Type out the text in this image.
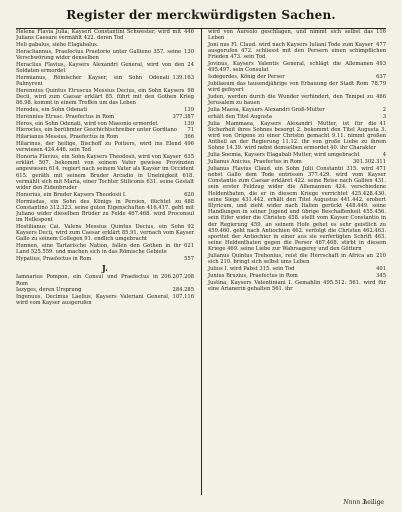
Register der merckwürdigsten Sachen.
446
Helena Flavia Julia, Kayserl Constantini Schwester, wird mit Julians Caesare vermählt 422. deren Tod
Heli gabalus, siehe Elagabalus.
130
Heracliannus, Praefectus Praetorio unter Gallieno 357. seine Verschwörung wider denselben
24
Heraclius Flavius, Kaysers Alexandri General, wird von den Soldaten ermordet
139.163
Hermianus, Römischer Kayser, ein Sohn Odenati Palmyreni
98
Herennius Quintus Etruscus Messius Decius, ein Sohn Kaysers Decii, wird zum Caesar erklärt 85. führt mit den Gothen Krieg 86.98. kommt in einem Treffen um das Leben
139
Herodes, ein Sohn Odenati
377.387
Herennius Etrusc. Praefectus in Rom
139
Heros, ein Sohn Odenati, wird von Maeonio ermordet
71
Hierocles, ein berühmter Geschichtschreiber unter Gordiano
366
Hilarianus Messius, Praefectus in Rom
496
Hilarinus, der heilige, Bischoff zu Poitiers, wird ins Elend verwiesen 424.446. sein Tod
635
Honoria Flavius, ein Sohn Kaysers Theodosii, wird von Kayser erklärt 507. bekommt von seinem Vater gewisse Provinzien angewiesen 614. regiert nach seinem Vater als Kayser im Occident 615. geräth mit seinem Bruder Arcadio in Uneinigkeit 618. vermählt sich mit Maria, einer Tochter Stiliconis 631. seine Gestalt wider den Eidenbruder
620
Honorius, ein Bruder Kaysers Theodosii I.
488
Hormisdas, ein Sohn des Königs in Persien, flüchtet zu Constantino 312.323. seine guten Eigenschaften 416.417. geht mit Juliano wider dieselben Brüder zu Felde 467.468. wird Proconsul im Hellespont
92
Hostilianus Cai. Valens Messius Quintus Decius, ein Sohn Kaysers Decii, wird zum Caesar erklärt 85.91. vernach vom Kayser Gallo zu seinem Collegen 91. endlich umgebracht
621
Hunnen, eine Tartarische Nation, fallen den Gothen in ihr Land 525.559. und machen sich in das Römische Gebiete
557
Hypatius, Praefectus in Rom
J.
206.207.208
Iamnarius Pompon, ein Consul und Praefectus in Rom
284.285
Iazyges, deren Ursprung
107.116
Ingenuus, Decimus Laelius, Kaysers Valeriani General, wird vom Kayser ausgerufen
116
wird von Aureolo geschlagen, und nimmt sich selbst das Leben
477
Joni nus Fl. Claud. wird nach Kaysers Iuliani Tode zum Kayser ausgerufen 472. schliesst mit den Persern einen schimpflichen Frieden 473. sein Tod
493
Jovinus, Kaysers Valentis General, schlägt die Allemanen 495.497. sein Consulat
637
Isdegerdes, König der Perser
78.79
Jubilaeum das tausendjährige von Erbauung der Stadt Rom wird gefeyert
466
Juden, werden durch die Wunder verhindert, den Tempel zu Jerusalem zu bauen
2
Julia Maesa, Kaysers Alexandri Groß-Mutter
3
erhält den Titel Augusta
41
Julia Mammaea, Kaysers Alexandri Mutter, ist für die Sicherheit ihres Sohnes besorgt 2. bekommt den Titel Augusta 3. wird von Origene zu einer Christin gemacht 9.11. nimmt großen Antheil an der Regierung 11.12. ihr von große Liebe zu ihrem Sohne 14.39. wird nebst demselben ermordet 40. ihr Charakter
4
Julia Soemia, Kaysers Elagabali Mutter, wird umgebracht
301.302.311
Julianus Anicius, Praefectus in Rom
471
Julianus Flavius Claud. ein Sohn Julii Constantii 315. wird nebst Gallo dem Tode entrissen 377.429. wird vom Kayser Constantio zum Caesar erkläret 422. seine Reise nach Gallien 431. sein erster Feldzug wider die Allemannen 424. verschiedene Heldenthaten, die er in diesem Kriege verrichtet 425.428.430. seine Siege 431.442. erhält den Titel Augustus 441.442. erobert Illyricum, und zieht wider nach Italien gerückt 448.449. seine Handlungen in seiner Jugend und übrige Beschaffenheit 455.456. sein Eifer wider die Christen 458. stellt vom Kayser Constantio in der Regierung 459. an seinem Hofe gehet es sehr geistlich zu 459.460. geht nach Antiochien 462. verfolgt die Christen 462.463. sporttet der Antiochier in einer aus sie verfertigten Schrift 463. seine Heldenthaten gegen die Perser 467.468. stirbt in diesem Kriege 469. seine Liebe zur Wahrsagerey und den Göttern
210
Julianus Quintus Trebonius, reist die Herrschaft in Africa an sich 210. bringt sich selbst ums Leben
401
Julius I. wird Pabst 315. sein Tod
345
Junius Bruzius, Praefectus in Rom
Justina, Kaysers Valentiniani I. Gemahlin 495.512. 561. wird für eine Arianerin gehalten 561. ihr
Nnnn 3
heilige
